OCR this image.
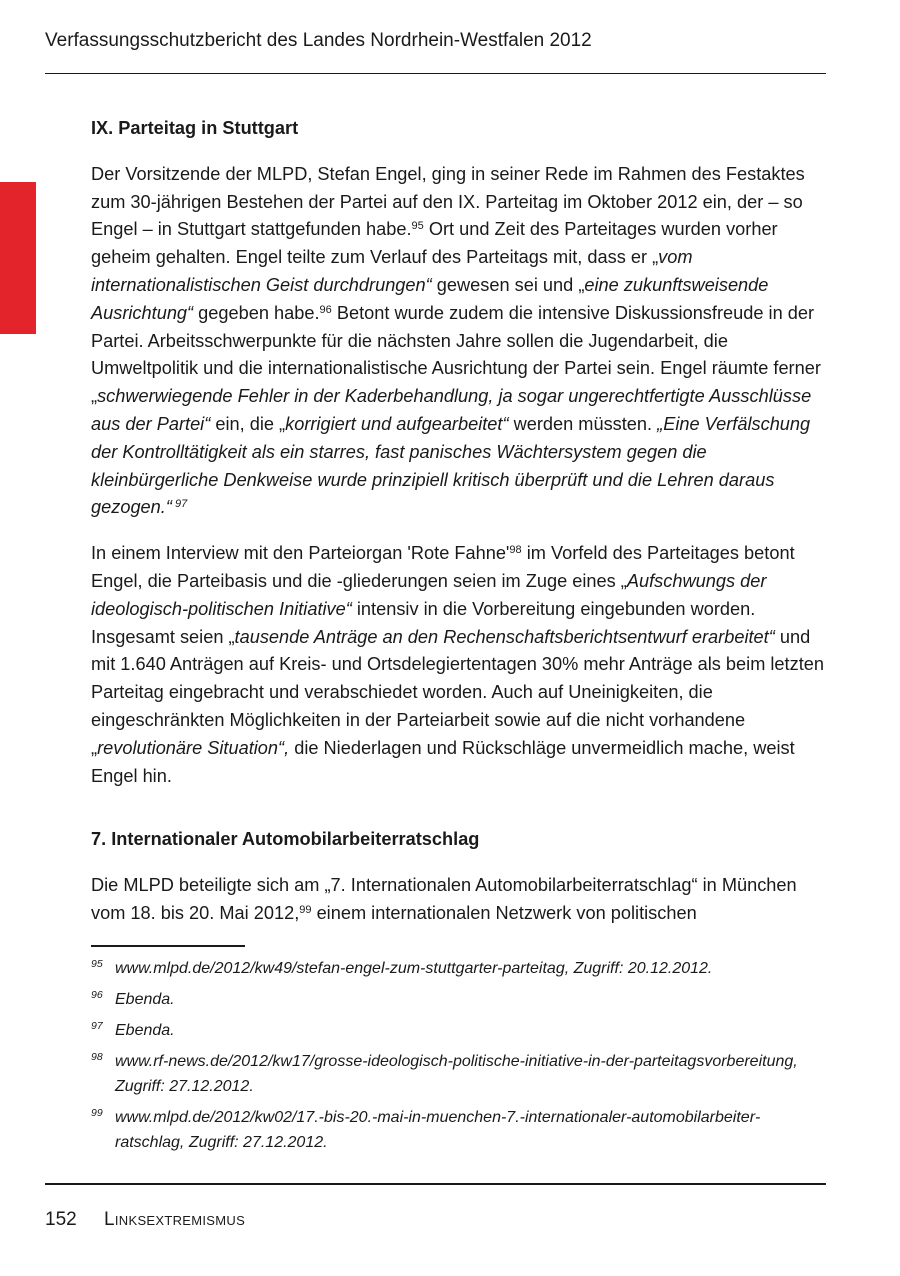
Verfassungsschutzbericht des Landes Nordrhein-Westfalen 2012
IX. Parteitag in Stuttgart

Der Vorsitzende der MLPD, Stefan Engel, ging in seiner Rede im Rahmen des Festaktes zum 30-jährigen Bestehen der Partei auf den IX. Parteitag im Oktober 2012 ein, der – so Engel – in Stuttgart stattgefunden habe.$^{95}$ Ort und Zeit des Parteitages wurden vorher geheim gehalten. Engel teilte zum Verlauf des Parteitags mit, dass er „vom internationalistischen Geist durchdrungen“ gewesen sei und „eine zukunftsweisende Ausrichtung“ gegeben habe.$^{96}$ Betont wurde zudem die intensive Diskussionsfreude in der Partei. Arbeitsschwerpunkte für die nächsten Jahre sollen die Jugendarbeit, die Umweltpolitik und die internationalistische Ausrichtung der Partei sein. Engel räumte ferner „schwerwiegende Fehler in der Kaderbehandlung, ja sogar ungerechtfertigte Ausschlüsse aus der Partei“ ein, die „korrigiert und aufgearbeitet“ werden müssten. „Eine Verfälschung der Kontrolltätigkeit als ein starres, fast panisches Wächtersystem gegen die kleinbürgerliche Denkweise wurde prinzipiell kritisch überprüft und die Lehren daraus gezogen.“ $^{97}$

In einem Interview mit den Parteiorgan 'Rote $Fahne'^{98}$ im Vorfeld des Parteitages betont Engel, die Parteibasis und die -gliederungen seien im Zuge eines „Aufschwungs der ideologisch-politischen Initiative“ intensiv in die Vorbereitung eingebunden worden. Insgesamt seien „tausende Anträge an den Rechenschaftsberichtsentwurf erarbeitet“ und mit 1.640 Anträgen auf Kreis- und Ortsdelegiertentagen 30% mehr Anträge als beim letzten Parteitag eingebracht und verabschiedet worden. Auch auf Uneinigkeiten, die eingeschränkten Möglichkeiten in der Parteiarbeit sowie auf die nicht vorhandene „revolutionäre Situation“, die Niederlagen und Rückschläge unvermeidlich mache, weist Engel hin.

7. Internationaler Automobilarbeiterratschlag

Die MLPD beteiligte sich am „7. Internationalen Automobilarbeiterratschlag“ in München vom 18. bis 20. Mai 2012,99 einem internationalen Netzwerk von politischen

95 www.mlpd.de/2012/kw49/stefan-engel-zum-stuttgarter-parteitag, Zugriff: 20.12.2012.
96 Ebenda.
97 Ebenda.
98 www.rf-news.de/2012/kw17/grosse-ideologisch-politische-initiative-in-der-parteitagsvorbereitung, Zugriff: 27.12.2012.
99 www.mlpd.de/2012/kw02/17.-bis-20.-mai-in-muenchen-7.-internationaler-automobilarbeiterratschlag, Zugriff: 27.12.2012.
152 Linksextremismus
